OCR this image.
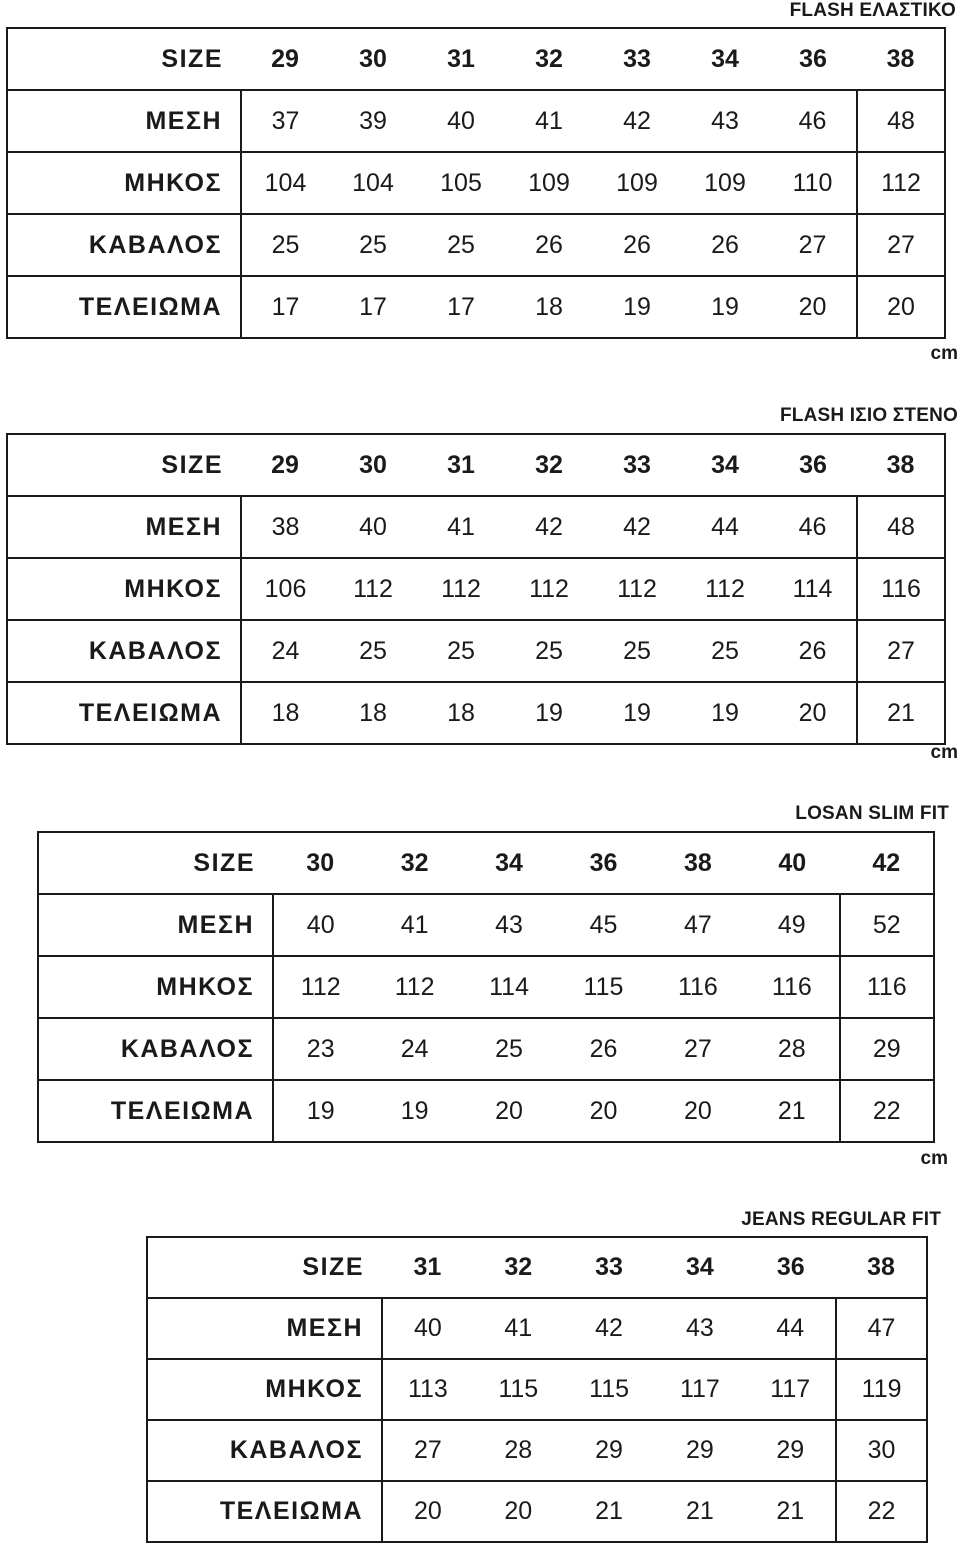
FLASH ΕΛΑΣΤΙΚΟ
FLASH ΙΣΙΟ ΣΤΕΝΟ
LOSAN SLIM FIT
JEANS REGULAR FIT
cm
cm
cm
SIZE	29	30	31	32	33	34	36	38
ΜΕΣΗ	37	39	40	41	42	43	46	48
ΜΗΚΟΣ	104	104	105	109	109	109	110	112
ΚΑΒΑΛΟΣ	25	25	25	26	26	26	27	27
ΤΕΛΕΙΩΜΑ	17	17	17	18	19	19	20	20
SIZE	29	30	31	32	33	34	36	38
ΜΕΣΗ	38	40	41	42	42	44	46	48
ΜΗΚΟΣ	106	112	112	112	112	112	114	116
ΚΑΒΑΛΟΣ	24	25	25	25	25	25	26	27
ΤΕΛΕΙΩΜΑ	18	18	18	19	19	19	20	21
SIZE	30	32	34	36	38	40	42
ΜΕΣΗ	40	41	43	45	47	49	52
ΜΗΚΟΣ	112	112	114	115	116	116	116
ΚΑΒΑΛΟΣ	23	24	25	26	27	28	29
ΤΕΛΕΙΩΜΑ	19	19	20	20	20	21	22
SIZE	31	32	33	34	36	38
ΜΕΣΗ	40	41	42	43	44	47
ΜΗΚΟΣ	113	115	115	117	117	119
ΚΑΒΑΛΟΣ	27	28	29	29	29	30
ΤΕΛΕΙΩΜΑ	20	20	21	21	21	22
